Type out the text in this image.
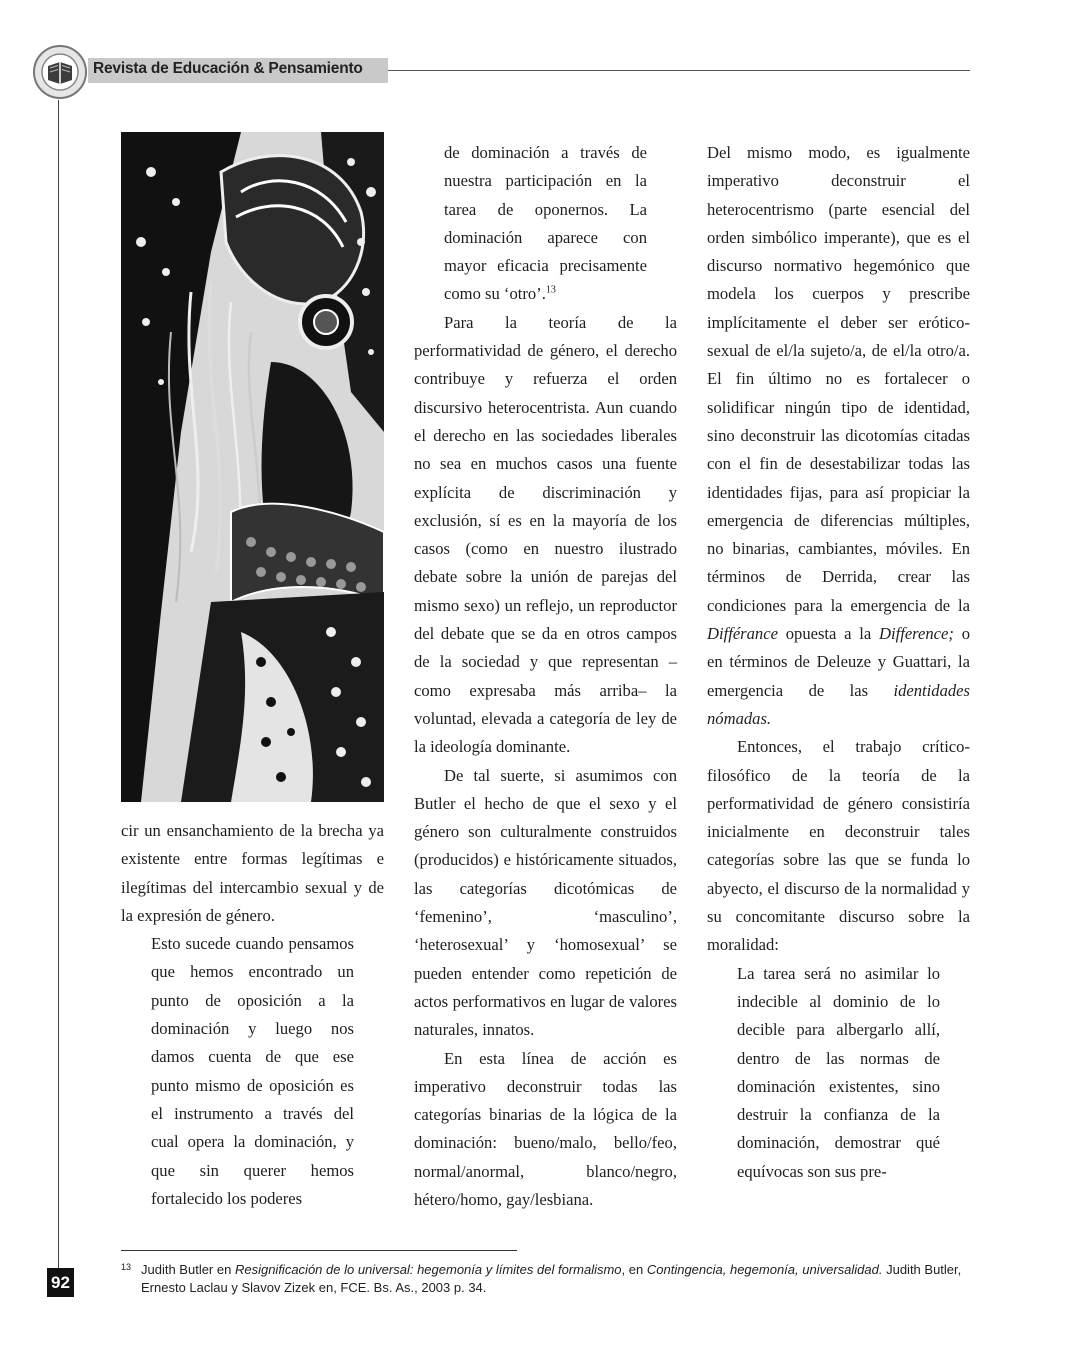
Revista de Educación & Pensamiento

cir un ensanchamiento de la brecha ya existente entre formas legítimas e ilegítimas del intercambio sexual y de la expresión de género.

Esto sucede cuando pensamos que hemos encontrado un punto de oposición a la dominación y luego nos damos cuenta de que ese punto mismo de oposición es el instrumento a través del cual opera la dominación, y que sin querer hemos fortalecido los poderes

de dominación a través de nuestra participación en la tarea de oponernos. La dominación aparece con mayor eficacia precisamente como su ‘otro’.$^{13}$

Para la teoría de la performatividad de género, el derecho contribuye y refuerza el orden discursivo heterocentrista. Aun cuando el derecho en las sociedades liberales no sea en muchos casos una fuente explícita de discriminación y exclusión, sí es en la mayoría de los casos (como en nuestro ilustrado debate sobre la unión de parejas del mismo sexo) un reflejo, un reproductor del debate que se da en otros campos de la sociedad y que representan –como expresaba más arriba– la voluntad, elevada a categoría de ley de la ideología dominante.

De tal suerte, si asumimos con Butler el hecho de que el sexo y el género son culturalmente construidos (producidos) e históricamente situados, las categorías dicotómicas de ‘femenino’, ‘masculino’, ‘heterosexual’ y ‘homosexual’ se pueden entender como repetición de actos performativos en lugar de valores naturales, innatos.

En esta línea de acción es imperativo deconstruir todas las categorías binarias de la lógica de la dominación: bueno/malo, bello/feo, normal/anormal, blanco/negro, hétero/homo, gay/lesbiana.

Del mismo modo, es igualmente imperativo deconstruir el heterocentrismo (parte esencial del orden simbólico imperante), que es el discurso normativo hegemónico que modela los cuerpos y prescribe implícitamente el deber ser erótico-sexual de el/la sujeto/a, de el/la otro/a. El fin último no es fortalecer o solidificar ningún tipo de identidad, sino deconstruir las dicotomías citadas con el fin de desestabilizar todas las identidades fijas, para así propiciar la emergencia de diferencias múltiples, no binarias, cambiantes, móviles. En términos de Derrida, crear las condiciones para la emergencia de la Différance opuesta a la Difference; o en términos de Deleuze y Guattari, la emergencia de las identidades nómadas.

Entonces, el trabajo crítico-filosófico de la teoría de la performatividad de género consistiría inicialmente en deconstruir tales categorías sobre las que se funda lo abyecto, el discurso de la normalidad y su concomitante discurso sobre la moralidad:

La tarea será no asimilar lo indecible al dominio de lo decible para albergarlo allí, dentro de las normas de dominación existentes, sino destruir la confianza de la dominación, demostrar qué equívocas son sus pre-

13 Judith Butler en Resignificación de lo universal: hegemonía y límites del formalismo, en Contingencia, hegemonía, universalidad. Judith Butler, Ernesto Laclau y Slavov Zizek en, FCE. Bs. As., 2003 p. 34.
92
